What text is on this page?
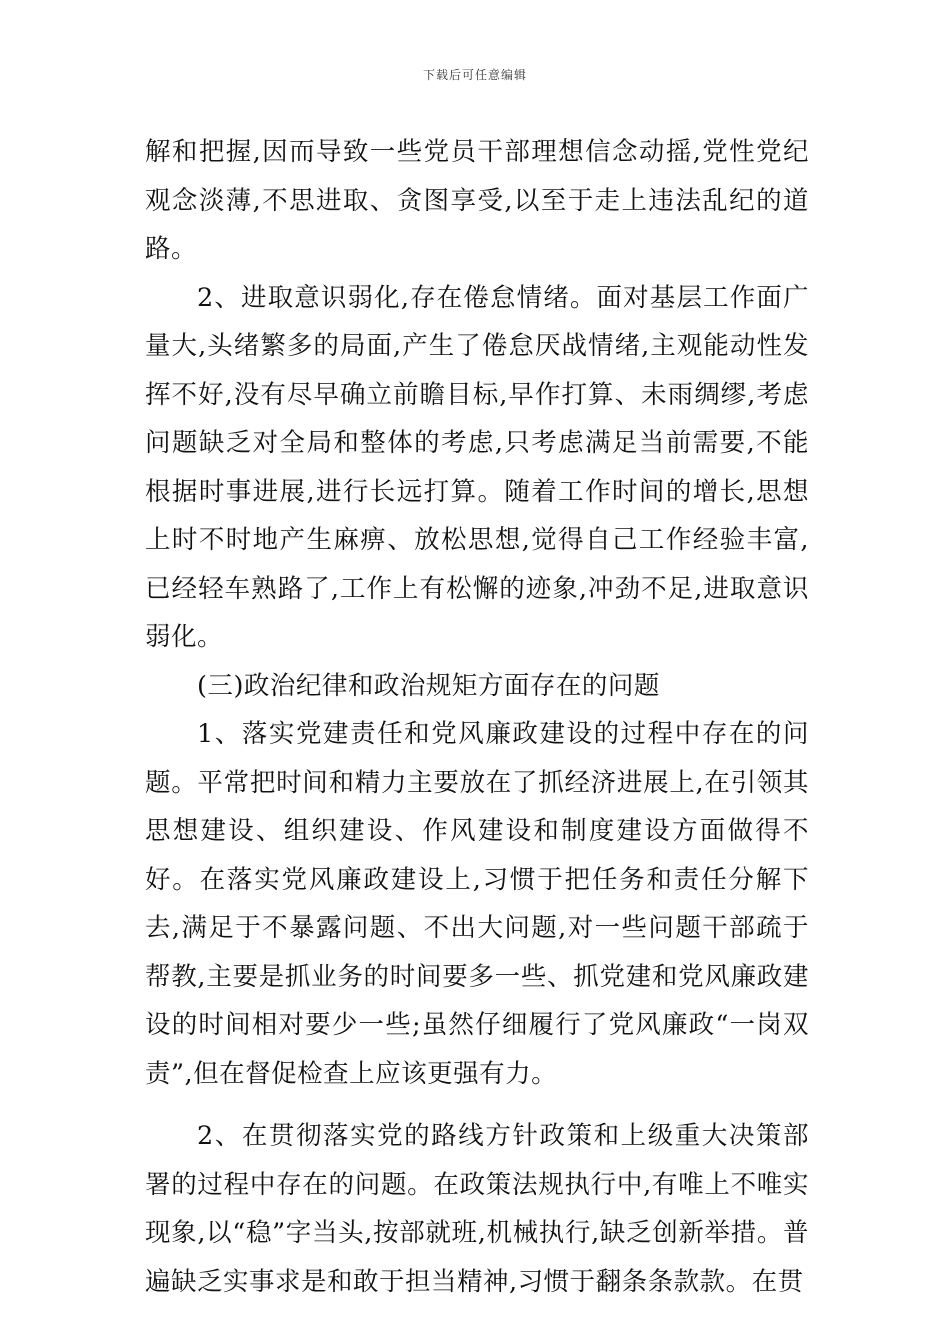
下载后可任意编辑

解和把握,因而导致一些党员干部理想信念动摇,党性党纪观念淡薄,不思进取、贪图享受,以至于走上违法乱纪的道路。

2、进取意识弱化,存在倦怠情绪。面对基层工作面广量大,头绪繁多的局面,产生了倦怠厌战情绪,主观能动性发挥不好,没有尽早确立前瞻目标,早作打算、未雨绸缪,考虑问题缺乏对全局和整体的考虑,只考虑满足当前需要,不能根据时事进展,进行长远打算。随着工作时间的增长,思想上时不时地产生麻痹、放松思想,觉得自己工作经验丰富,已经轻车熟路了,工作上有松懈的迹象,冲劲不足,进取意识弱化。

(三)政治纪律和政治规矩方面存在的问题

1、落实党建责任和党风廉政建设的过程中存在的问题。平常把时间和精力主要放在了抓经济进展上,在引领其思想建设、组织建设、作风建设和制度建设方面做得不好。在落实党风廉政建设上,习惯于把任务和责任分解下去,满足于不暴露问题、不出大问题,对一些问题干部疏于帮教,主要是抓业务的时间要多一些、抓党建和党风廉政建设的时间相对要少一些;虽然仔细履行了党风廉政“一岗双责”,但在督促检查上应该更强有力。

2、在贯彻落实党的路线方针政策和上级重大决策部署的过程中存在的问题。在政策法规执行中,有唯上不唯实现象,以“稳”字当头,按部就班,机械执行,缺乏创新举措。普遍缺乏实事求是和敢于担当精神,习惯于翻条条款款。在贯
